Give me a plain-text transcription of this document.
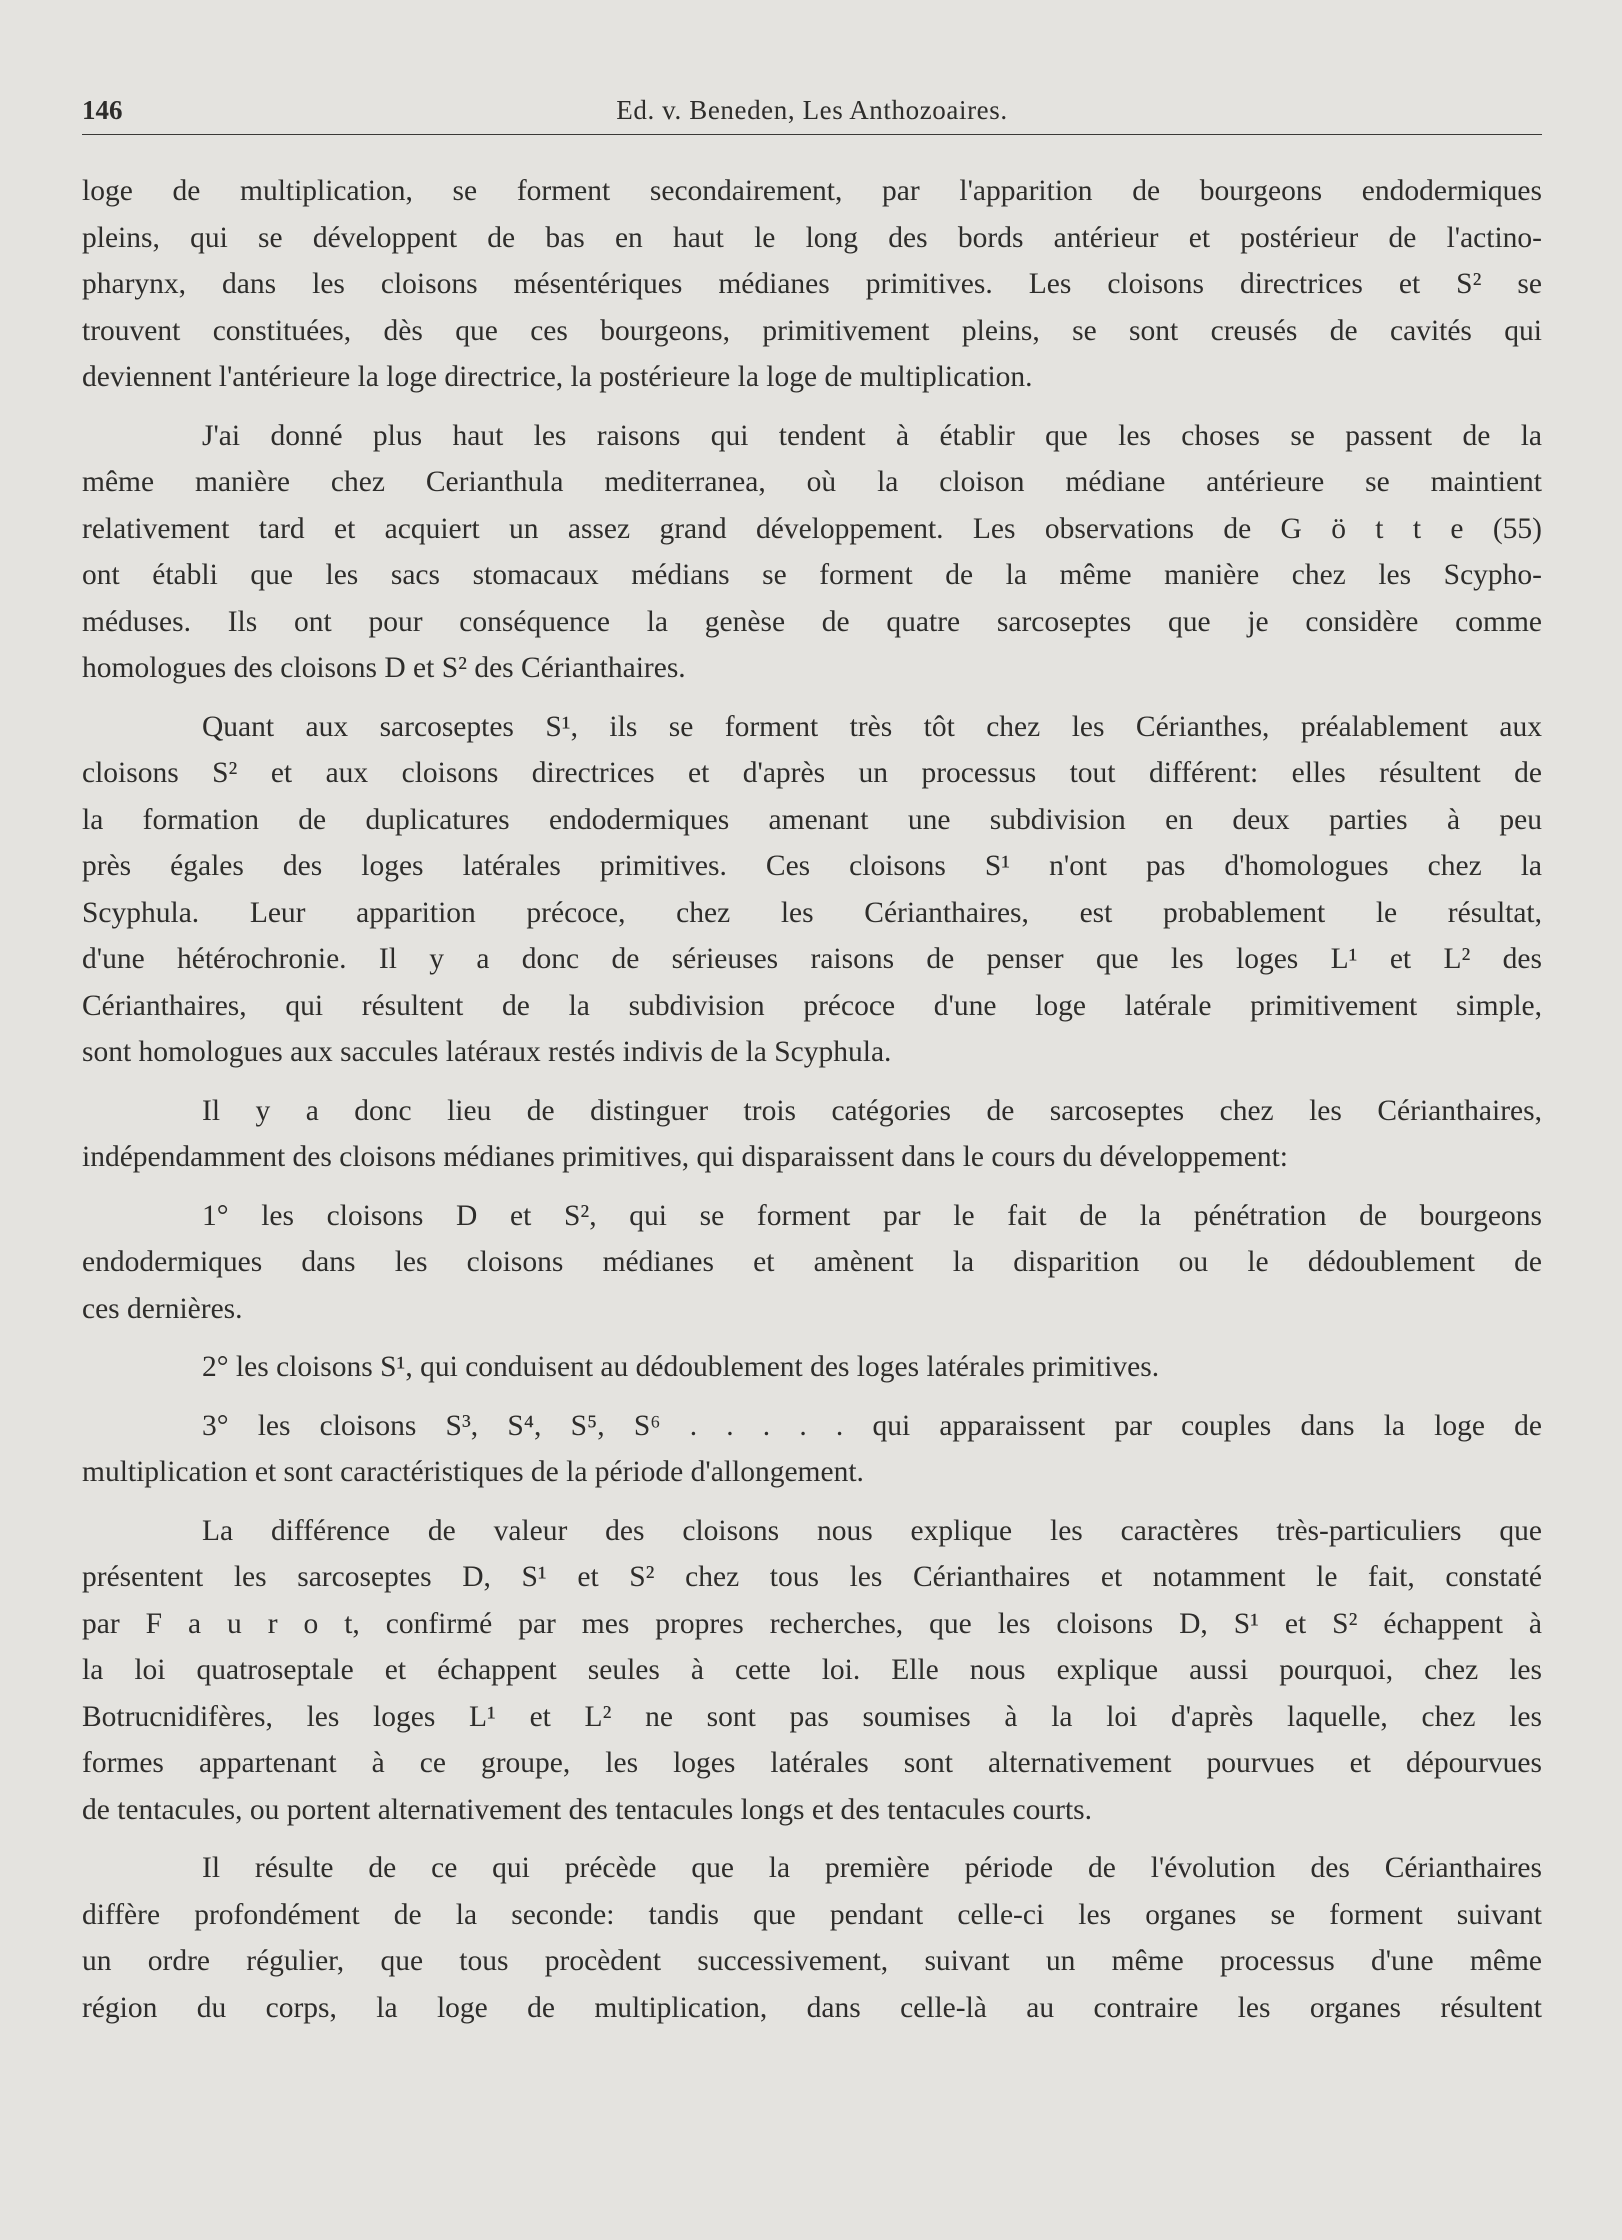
146	Ed. v. Beneden, Les Anthozoaires.
loge de multiplication, se forment secondairement, par l'apparition de bourgeons endodermiques
pleins, qui se développent de bas en haut le long des bords antérieur et postérieur de l'actino-
pharynx, dans les cloisons mésentériques médianes primitives. Les cloisons directrices et S² se
trouvent constituées, dès que ces bourgeons, primitivement pleins, se sont creusés de cavités qui
deviennent l'antérieure la loge directrice, la postérieure la loge de multiplication.
J'ai donné plus haut les raisons qui tendent à établir que les choses se passent de la
même manière chez Cerianthula mediterranea, où la cloison médiane antérieure se maintient
relativement tard et acquiert un assez grand développement. Les observations de G ö t t e (55)
ont établi que les sacs stomacaux médians se forment de la même manière chez les Scypho-
méduses. Ils ont pour conséquence la genèse de quatre sarcoseptes que je considère comme
homologues des cloisons D et S² des Cérianthaires.
Quant aux sarcoseptes S¹, ils se forment très tôt chez les Cérianthes, préalablement aux
cloisons S² et aux cloisons directrices et d'après un processus tout différent: elles résultent de
la formation de duplicatures endodermiques amenant une subdivision en deux parties à peu
près égales des loges latérales primitives. Ces cloisons S¹ n'ont pas d'homologues chez la
Scyphula. Leur apparition précoce, chez les Cérianthaires, est probablement le résultat,
d'une hétérochronie. Il y a donc de sérieuses raisons de penser que les loges L¹ et L² des
Cérianthaires, qui résultent de la subdivision précoce d'une loge latérale primitivement simple,
sont homologues aux saccules latéraux restés indivis de la Scyphula.
Il y a donc lieu de distinguer trois catégories de sarcoseptes chez les Cérianthaires,
indépendamment des cloisons médianes primitives, qui disparaissent dans le cours du développement:
1° les cloisons D et S², qui se forment par le fait de la pénétration de bourgeons
endodermiques dans les cloisons médianes et amènent la disparition ou le dédoublement de
ces dernières.
2° les cloisons S¹, qui conduisent au dédoublement des loges latérales primitives.
3° les cloisons S³, S⁴, S⁵, S⁶ . . . . . qui apparaissent par couples dans la loge de
multiplication et sont caractéristiques de la période d'allongement.
La différence de valeur des cloisons nous explique les caractères très-particuliers que
présentent les sarcoseptes D, S¹ et S² chez tous les Cérianthaires et notamment le fait, constaté
par F a u r o t, confirmé par mes propres recherches, que les cloisons D, S¹ et S² échappent à
la loi quatroseptale et échappent seules à cette loi. Elle nous explique aussi pourquoi, chez les
Botrucnidifères, les loges L¹ et L² ne sont pas soumises à la loi d'après laquelle, chez les
formes appartenant à ce groupe, les loges latérales sont alternativement pourvues et dépourvues
de tentacules, ou portent alternativement des tentacules longs et des tentacules courts.
Il résulte de ce qui précède que la première période de l'évolution des Cérianthaires
diffère profondément de la seconde: tandis que pendant celle-ci les organes se forment suivant
un ordre régulier, que tous procèdent successivement, suivant un même processus d'une même
région du corps, la loge de multiplication, dans celle-là au contraire les organes résultent
